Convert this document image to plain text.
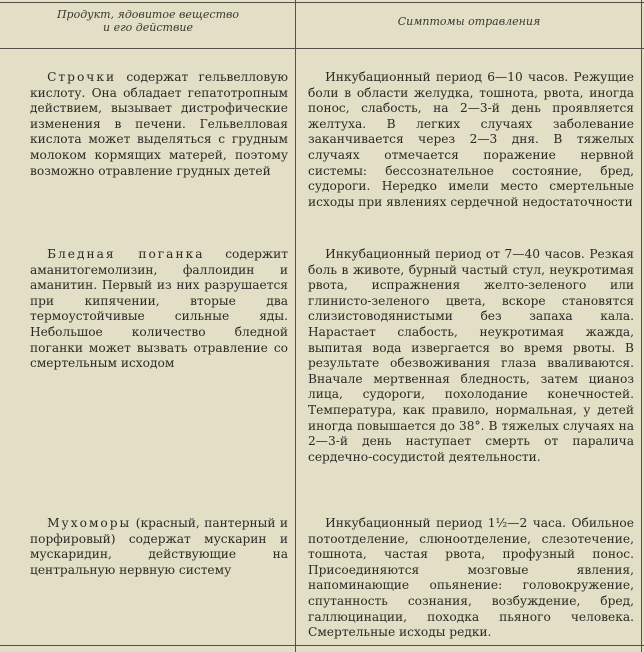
Продукт, ядовитое вещество
и его действие	Симптомы отравления

Строчки содержат гельвелловую кислоту. Она обладает гепатотропным действием, вызывает дистрофические изменения в печени. Гельвелловая кислота может выделяться с грудным молоком кормящих матерей, поэтому возможно отравление грудных детей

Инкубационный период 6—10 часов. Режущие боли в области желудка, тошнота, рвота, иногда понос, слабость, на 2—3-й день проявляется желтуха. В легких случаях заболевание заканчивается через 2—3 дня. В тяжелых случаях отмечается поражение нервной системы: бессознательное состояние, бред, судороги. Нередко имели место смертельные исходы при явлениях сердечной недостаточности

Бледная поганка содержит аманитогемолизин, фаллоидин и аманитин. Первый из них разрушается при кипячении, вторые два термоустойчивые сильные яды. Небольшое количество бледной поганки может вызвать отравление со смертельным исходом

Инкубационный период от 7—40 часов. Резкая боль в животе, бурный частый стул, неукротимая рвота, испражнения желто-зеленого или глинисто-зеленого цвета, вскоре становятся слизистоводянистыми без запаха кала. Нарастает слабость, неукротимая жажда, выпитая вода извергается во время рвоты. В результате обезвоживания глаза вваливаются. Вначале мертвенная бледность, затем цианоз лица, судороги, похолодание конечностей. Температура, как правило, нормальная, у детей иногда повышается до 38°. В тяжелых случаях на 2—3-й день наступает смерть от паралича сердечно-сосудистой деятельности.

Мухоморы (красный, пантерный и порфировый) содержат мускарин и мускаридин, действующие на центральную нервную систему

Инкубационный период 1½—2 часа. Обильное потоотделение, слюноотделение, слезотечение, тошнота, частая рвота, профузный понос. Присоединяются мозговые явления, напоминающие опьянение: головокружение, спутанность сознания, возбуждение, бред, галлюцинации, походка пьяного человека. Смертельные исходы редки.
